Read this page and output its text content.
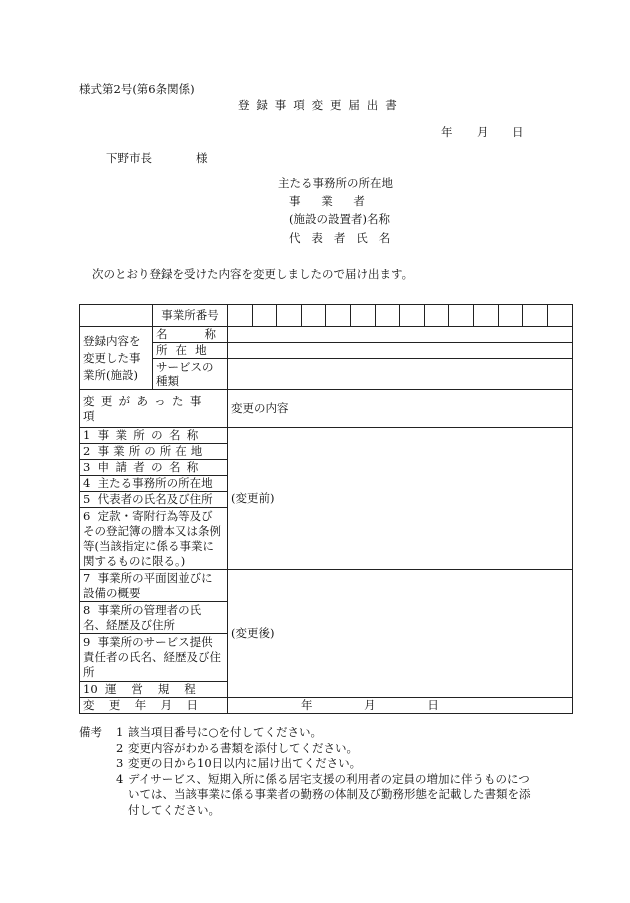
様式第2号(第6条関係)
登録事項変更届出書
年 月 日
下野市長	様
主たる事務所の所在地
事業者
(施設の設置者)名称
代表者氏名
次のとおり登録を受けた内容を変更しましたので届け出ます。
	事業所番号														
登録内容を変更した事業所(施設)	名 称														

	所在地														
	サービスの種類														
変更があった事項		変更の内容													
1 事業所の名称		(変更前)													
2 事業所の所在地															
3 申請者の名称															
4 主たる事務所の所在地															
5 代表者の氏名及び住所															
6 定款・寄附行為等及びその登記簿の謄本又は条例等(当該指定に係る事業に関するものに限る。)															
7 事業所の平面図並びに設備の概要		(変更後)													
8 事業所の管理者の氏名、経歴及び住所															
9 事業所のサービス提供責任者の氏名、経歴及び住所															
10 運営規程															
変更年月日		年 月 日													
備考	1 該当項目番号に○を付してください。
2 変更内容がわかる書類を添付してください。
3 変更の日から10日以内に届け出てください。
4 デイサービス、短期入所に係る居宅支援の利用者の定員の増加に伴うものについては、当該事業に係る事業者の勤務の体制及び勤務形態を記載した書類を添付してください。
